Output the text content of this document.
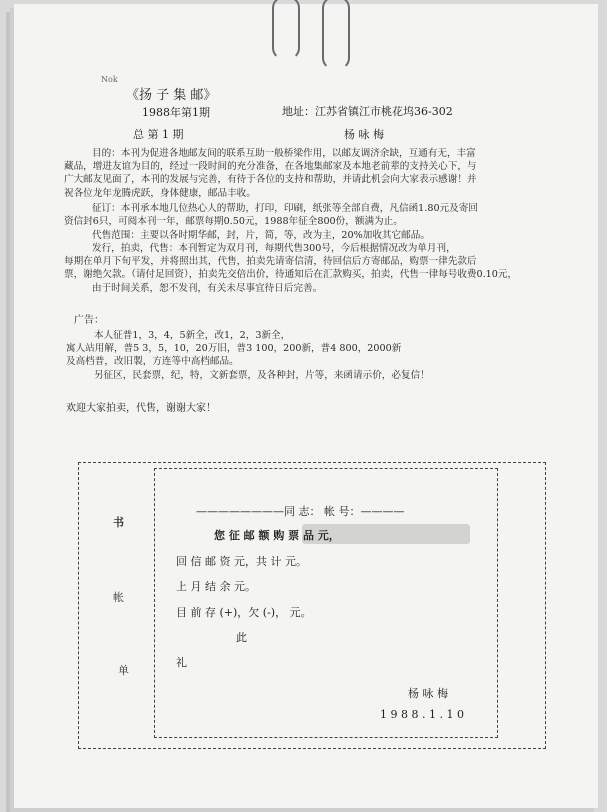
Nok
《扬 子 集 邮》
1988年第1期
总 第 1 期
地址：江苏省镇江市桃花坞36-302
杨 咏 梅
目的：本刊为促进各地邮友间的联系互助一般桥梁作用，以邮友调济余缺，互通有无，丰富
藏品，增进友谊为目的，经过一段时间的充分准备，在各地集邮家及本地老前辈的支持关心下，与
广大邮友见面了，本刊的发展与完善，有待于各位的支持和帮助，并请此机会向大家表示感谢！并
祝各位龙年龙腾虎跃，身体健康，邮品丰收。
征订：本刊承本地几位热心人的帮助，打印，印刷，纸张等全部自费，凡信函1.80元及寄回
资信封6只，可阅本刊一年，邮票每期0.50元，1988年征全800份，额满为止。
代售范围：主要以各时期华邮，封，片，简，等，改为主，20%加收其它邮品。
发行，拍卖，代售：本刊暂定为双月刊，每期代售300号，今后根据情况改为单月刊，
每期在单月下旬平发，并将照出其，代售，拍卖先请寄信清，待回信后方寄邮品，购票一律先款后
票，谢绝欠款。（请付足回资），拍卖先交倍出价，待通知后在汇款购买，拍卖，代售一律每号收费0.10元，
由于时间关系，恕不发刊，有关未尽事宜待日后完善。
广告：
本人征普1，3，4，5新全，改1，2，3新全，
寓人站用解，普5 3，5，10，20万旧，普3 100，200新，普4 800，2000新
及高档普，改旧製，方连等中高档邮品。
另征区，民套票，纪，特，文新套票，及各种封，片等，来函请示价，必复信！
欢迎大家拍卖，代售，谢谢大家！
书
帐
单
————————同 志： 帐 号：————
您 征 邮 额 购 票 品 元，
回 信 邮 资 元，共 计 元。
上 月 结 余 元。
目 前 存 (+)，欠 (-)， 元。
此
礼
杨 咏 梅
1 9 8 8 . 1 . 1 0
